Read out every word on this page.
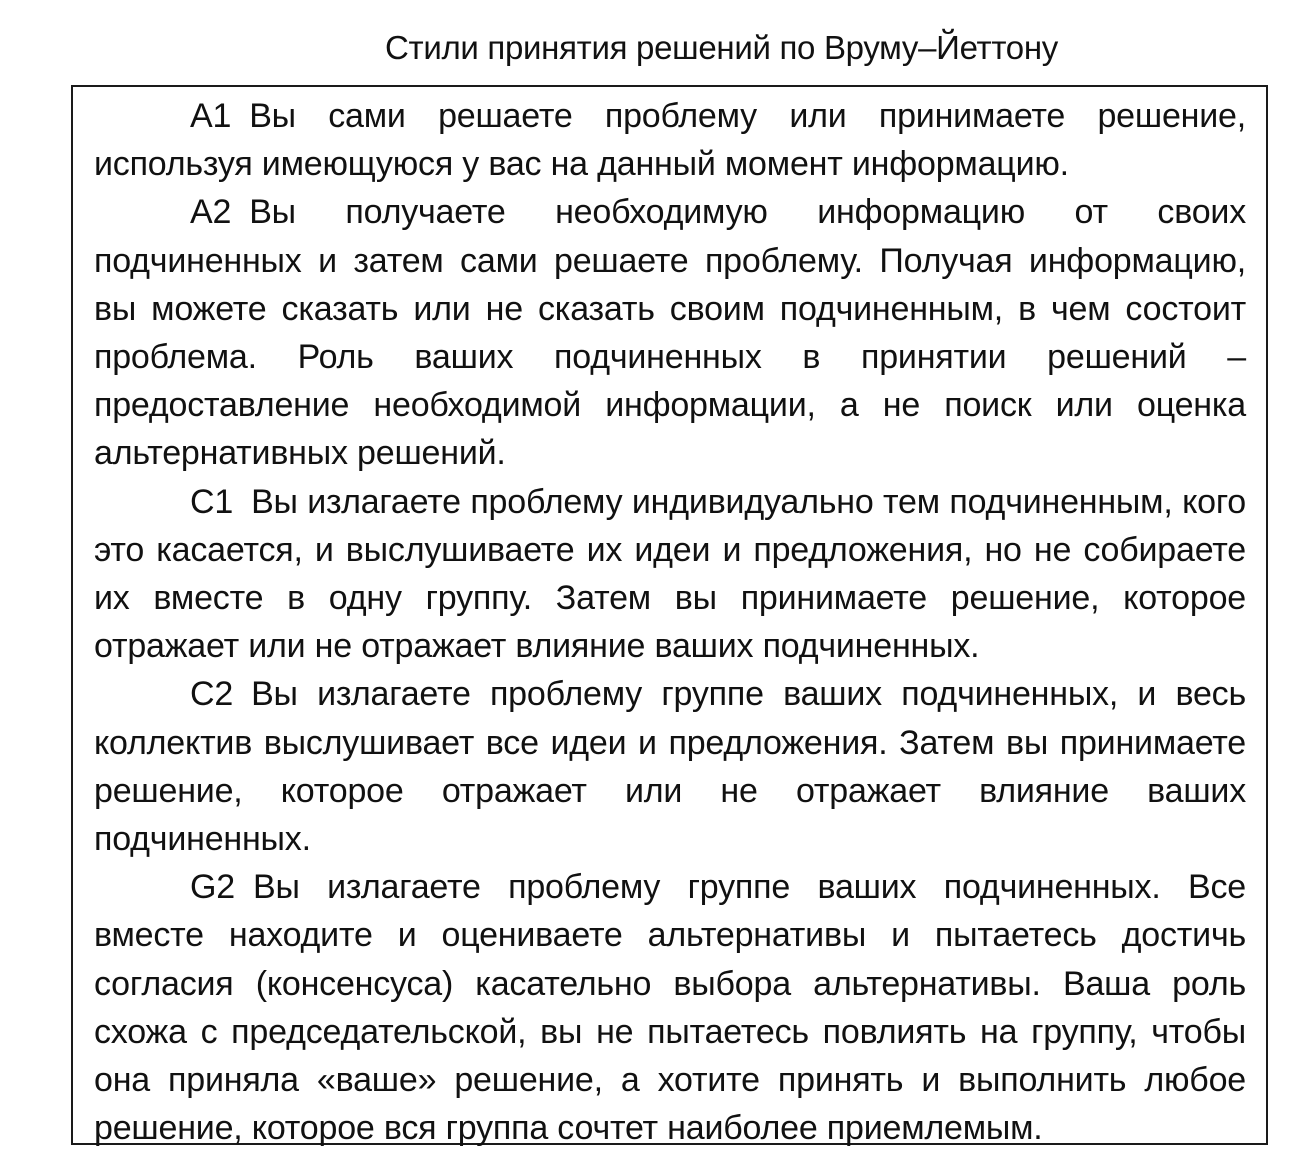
Стили принятия решений по Вруму–Йеттону

А1 Вы сами решаете проблему или принимаете решение, используя имеющуюся у вас на данный момент информацию.

А2 Вы получаете необходимую информацию от своих подчиненных и затем сами решаете проблему. Получая информацию, вы можете сказать или не сказать своим подчиненным, в чем состоит проблема. Роль ваших подчиненных в принятии решений – предоставление необходимой информации, а не поиск или оценка альтернативных решений.

С1 Вы излагаете проблему индивидуально тем подчиненным, кого это касается, и выслушиваете их идеи и предложения, но не собираете их вместе в одну группу. Затем вы принимаете решение, которое отражает или не отражает влияние ваших подчиненных.

С2 Вы излагаете проблему группе ваших подчиненных, и весь коллектив выслушивает все идеи и предложения. Затем вы принимаете решение, которое отражает или не отражает влияние ваших подчиненных.

G2 Вы излагаете проблему группе ваших подчиненных. Все вместе находите и оцениваете альтернативы и пытаетесь достичь согласия (консенсуса) касательно выбора альтернативы. Ваша роль схожа с председательской, вы не пытаетесь повлиять на группу, чтобы она приняла «ваше» решение, а хотите принять и выполнить любое решение, которое вся группа сочтет наиболее приемлемым.
